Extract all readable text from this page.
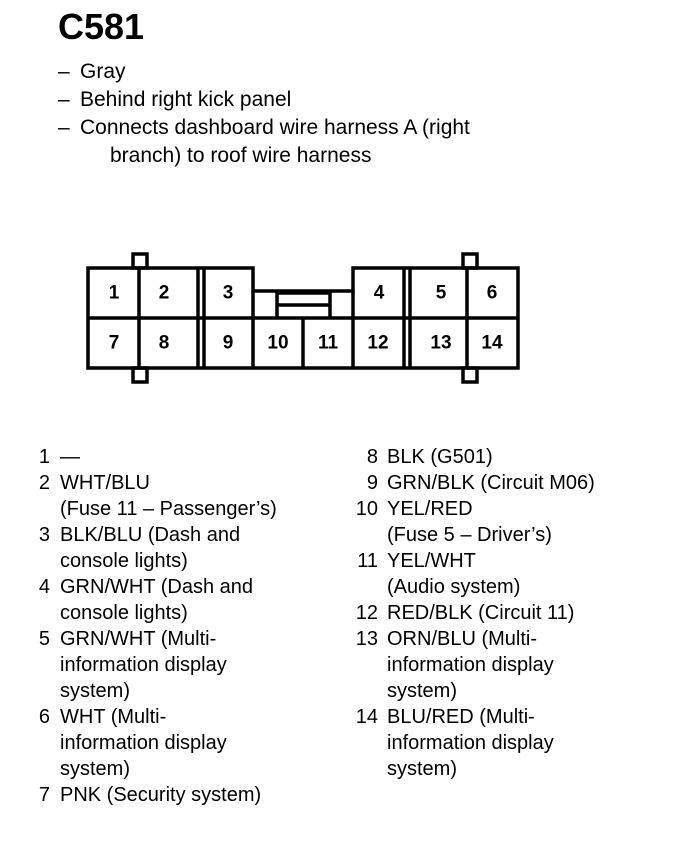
C581
– Gray
– Behind right kick panel
– Connects dashboard wire harness A (right
branch) to roof wire harness
1 2	3	4	5 6
7 8	9 10 11 12 13 14
1 —
2 WHT/BLU
(Fuse 11 – Passenger’s)
3 BLK/BLU (Dash and
console lights)
4 GRN/WHT (Dash and
console lights)
5 GRN/WHT (Multi-
information display
system)
6 WHT (Multi-
information display
system)
7 PNK (Security system)
8 BLK (G501)
9 GRN/BLK (Circuit M06)
10 YEL/RED
(Fuse 5 – Driver’s)
11 YEL/WHT
(Audio system)
12 RED/BLK (Circuit 11)
13 ORN/BLU (Multi-
information display
system)
14 BLU/RED (Multi-
information display
system)
